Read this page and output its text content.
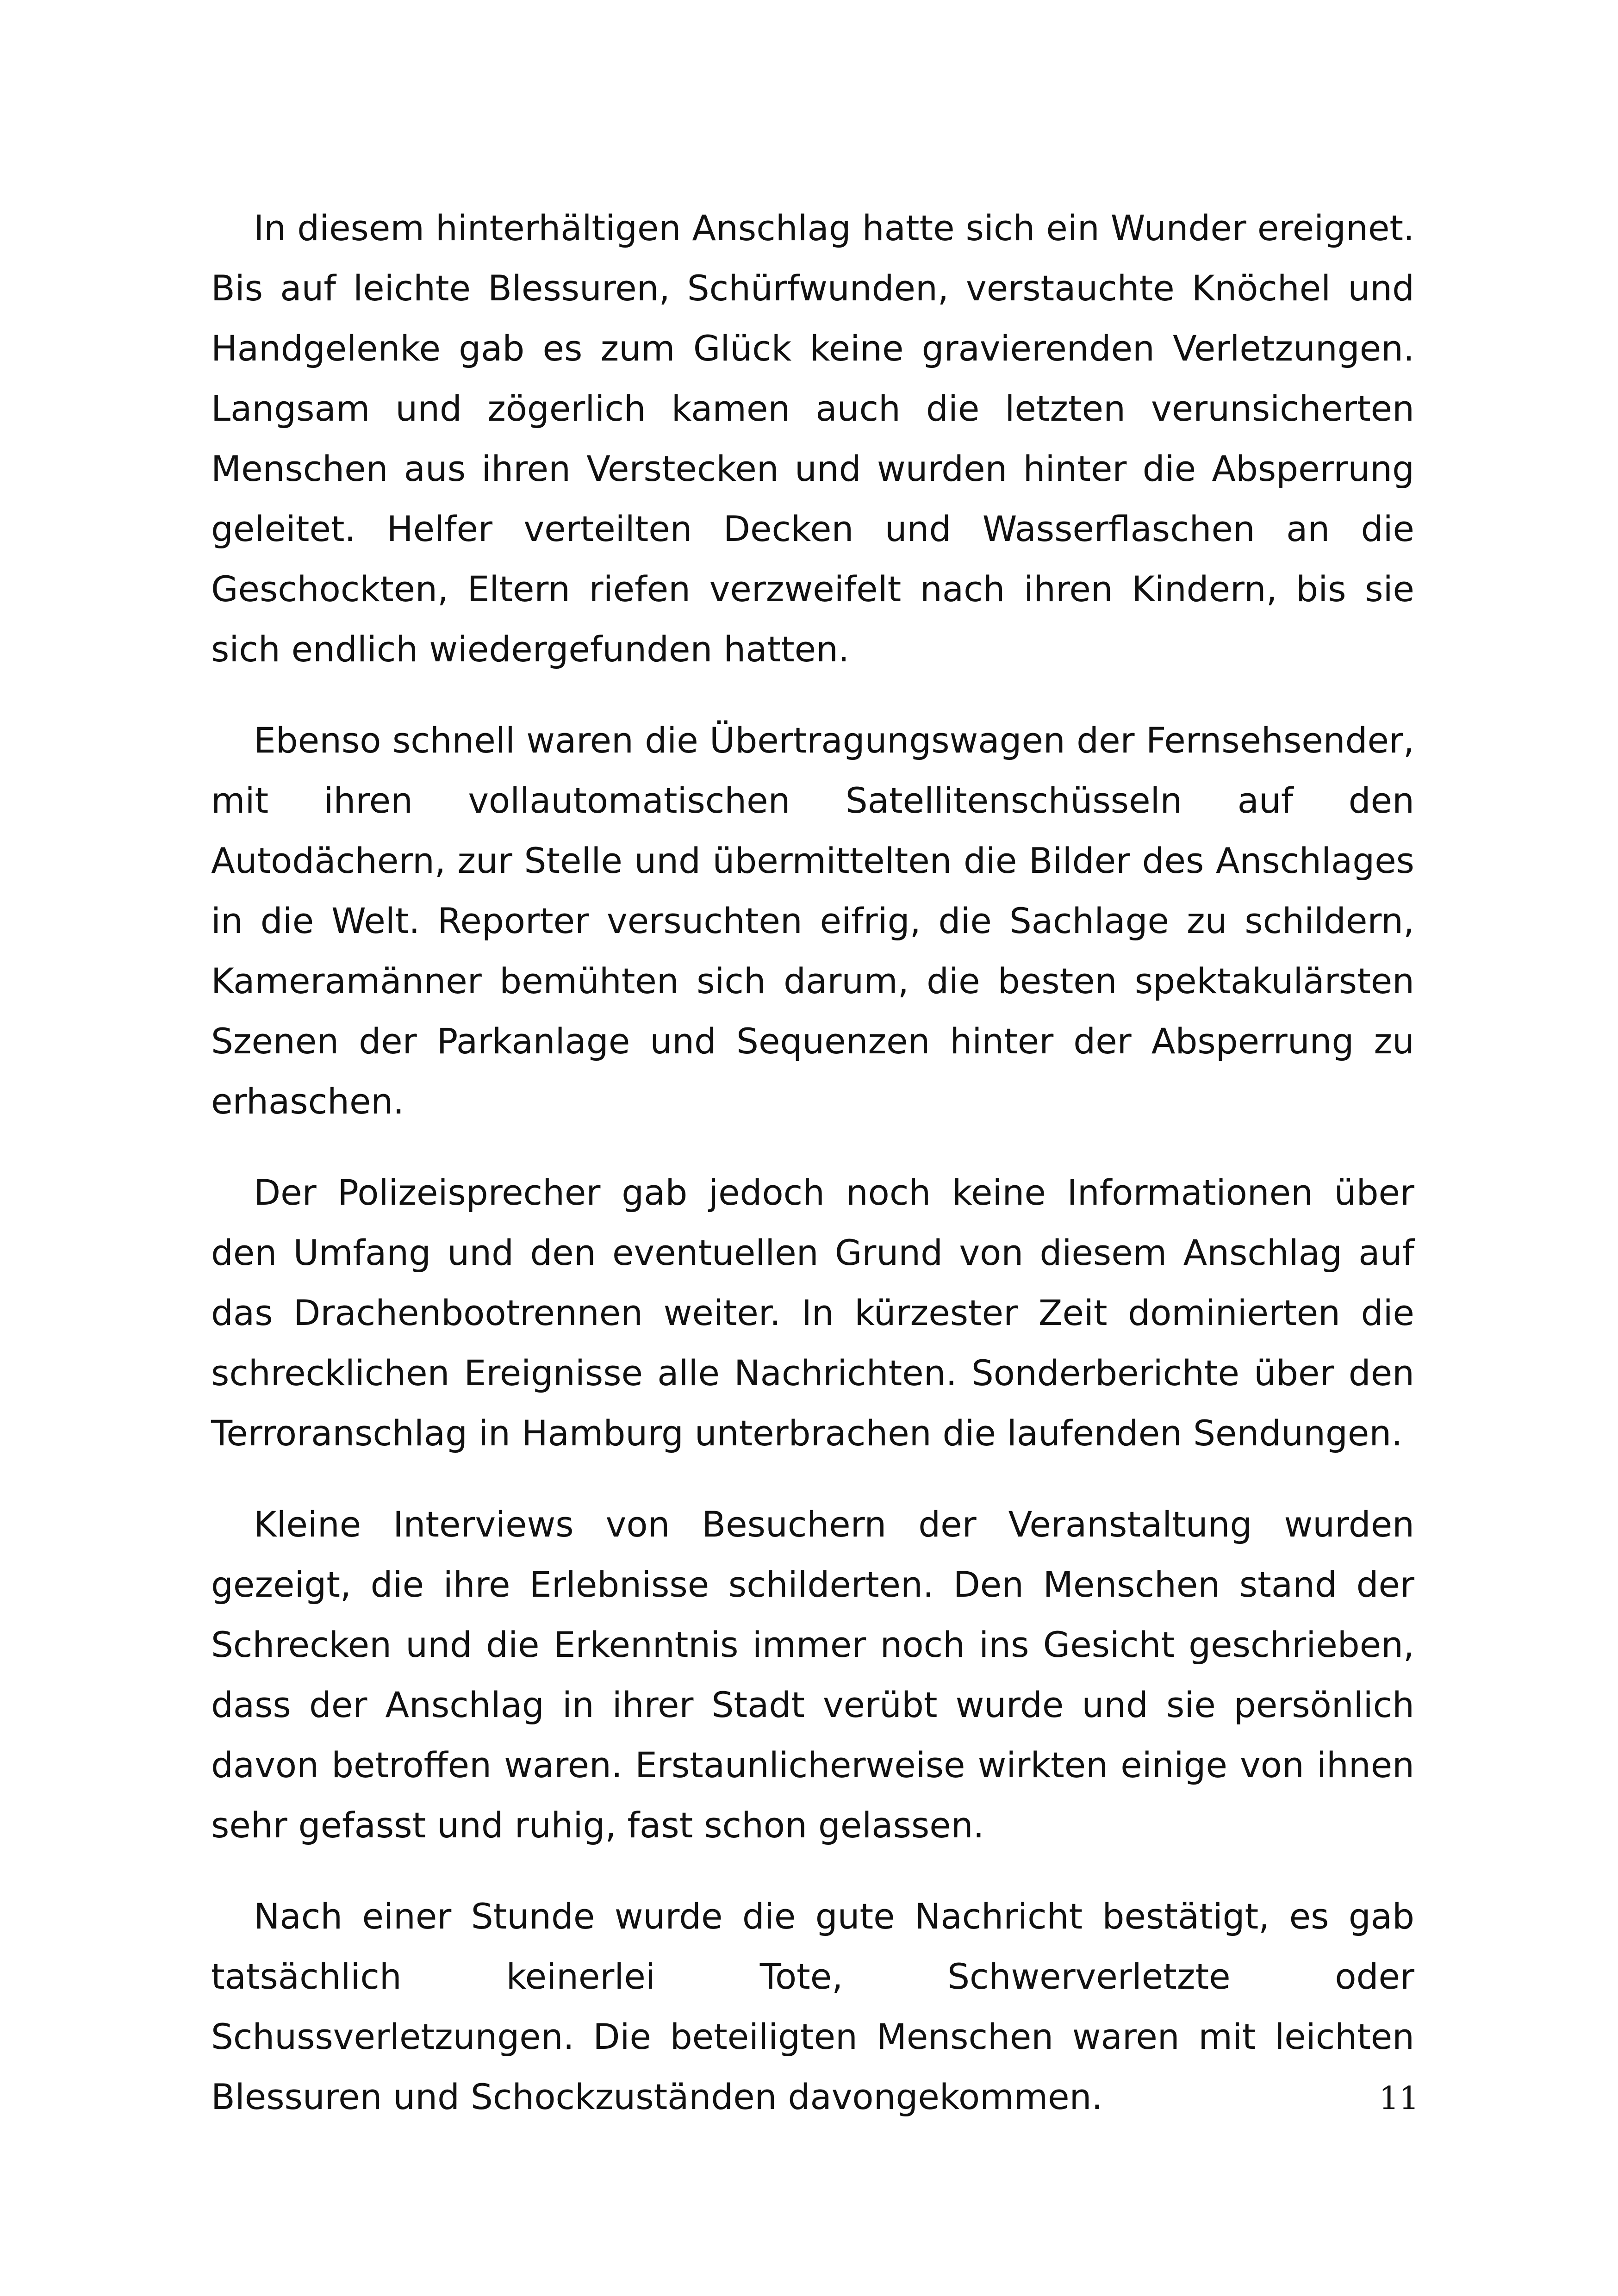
In diesem hinterhältigen Anschlag hatte sich ein Wunder ereignet. Bis auf leichte Blessuren, Schürfwunden, verstauchte Knöchel und Handgelenke gab es zum Glück keine gravierenden Verletzungen. Langsam und zögerlich kamen auch die letzten verunsicherten Menschen aus ihren Verstecken und wurden hinter die Absperrung geleitet. Helfer verteilten Decken und Wasserflaschen an die Geschockten, Eltern riefen verzweifelt nach ihren Kindern, bis sie sich endlich wiedergefunden hatten.

Ebenso schnell waren die Übertragungswagen der Fernsehsender, mit ihren vollautomatischen Satellitenschüsseln auf den Autodächern, zur Stelle und übermittelten die Bilder des Anschlages in die Welt. Reporter versuchten eifrig, die Sachlage zu schildern, Kameramänner bemühten sich darum, die besten spektakulärsten Szenen der Parkanlage und Sequenzen hinter der Absperrung zu erhaschen.

Der Polizeisprecher gab jedoch noch keine Informationen über den Umfang und den eventuellen Grund von diesem Anschlag auf das Drachenbootrennen weiter. In kürzester Zeit dominierten die schrecklichen Ereignisse alle Nachrichten. Sonderberichte über den Terroranschlag in Hamburg unterbrachen die laufenden Sendungen.

Kleine Interviews von Besuchern der Veranstaltung wurden gezeigt, die ihre Erlebnisse schilderten. Den Menschen stand der Schrecken und die Erkenntnis immer noch ins Gesicht geschrieben, dass der Anschlag in ihrer Stadt verübt wurde und sie persönlich davon betroffen waren. Erstaunlicherweise wirkten einige von ihnen sehr gefasst und ruhig, fast schon gelassen.

Nach einer Stunde wurde die gute Nachricht bestätigt, es gab tatsächlich keinerlei Tote, Schwerverletzte oder Schussverletzungen. Die beteiligten Menschen waren mit leichten Blessuren und Schockzuständen davongekommen.	11
